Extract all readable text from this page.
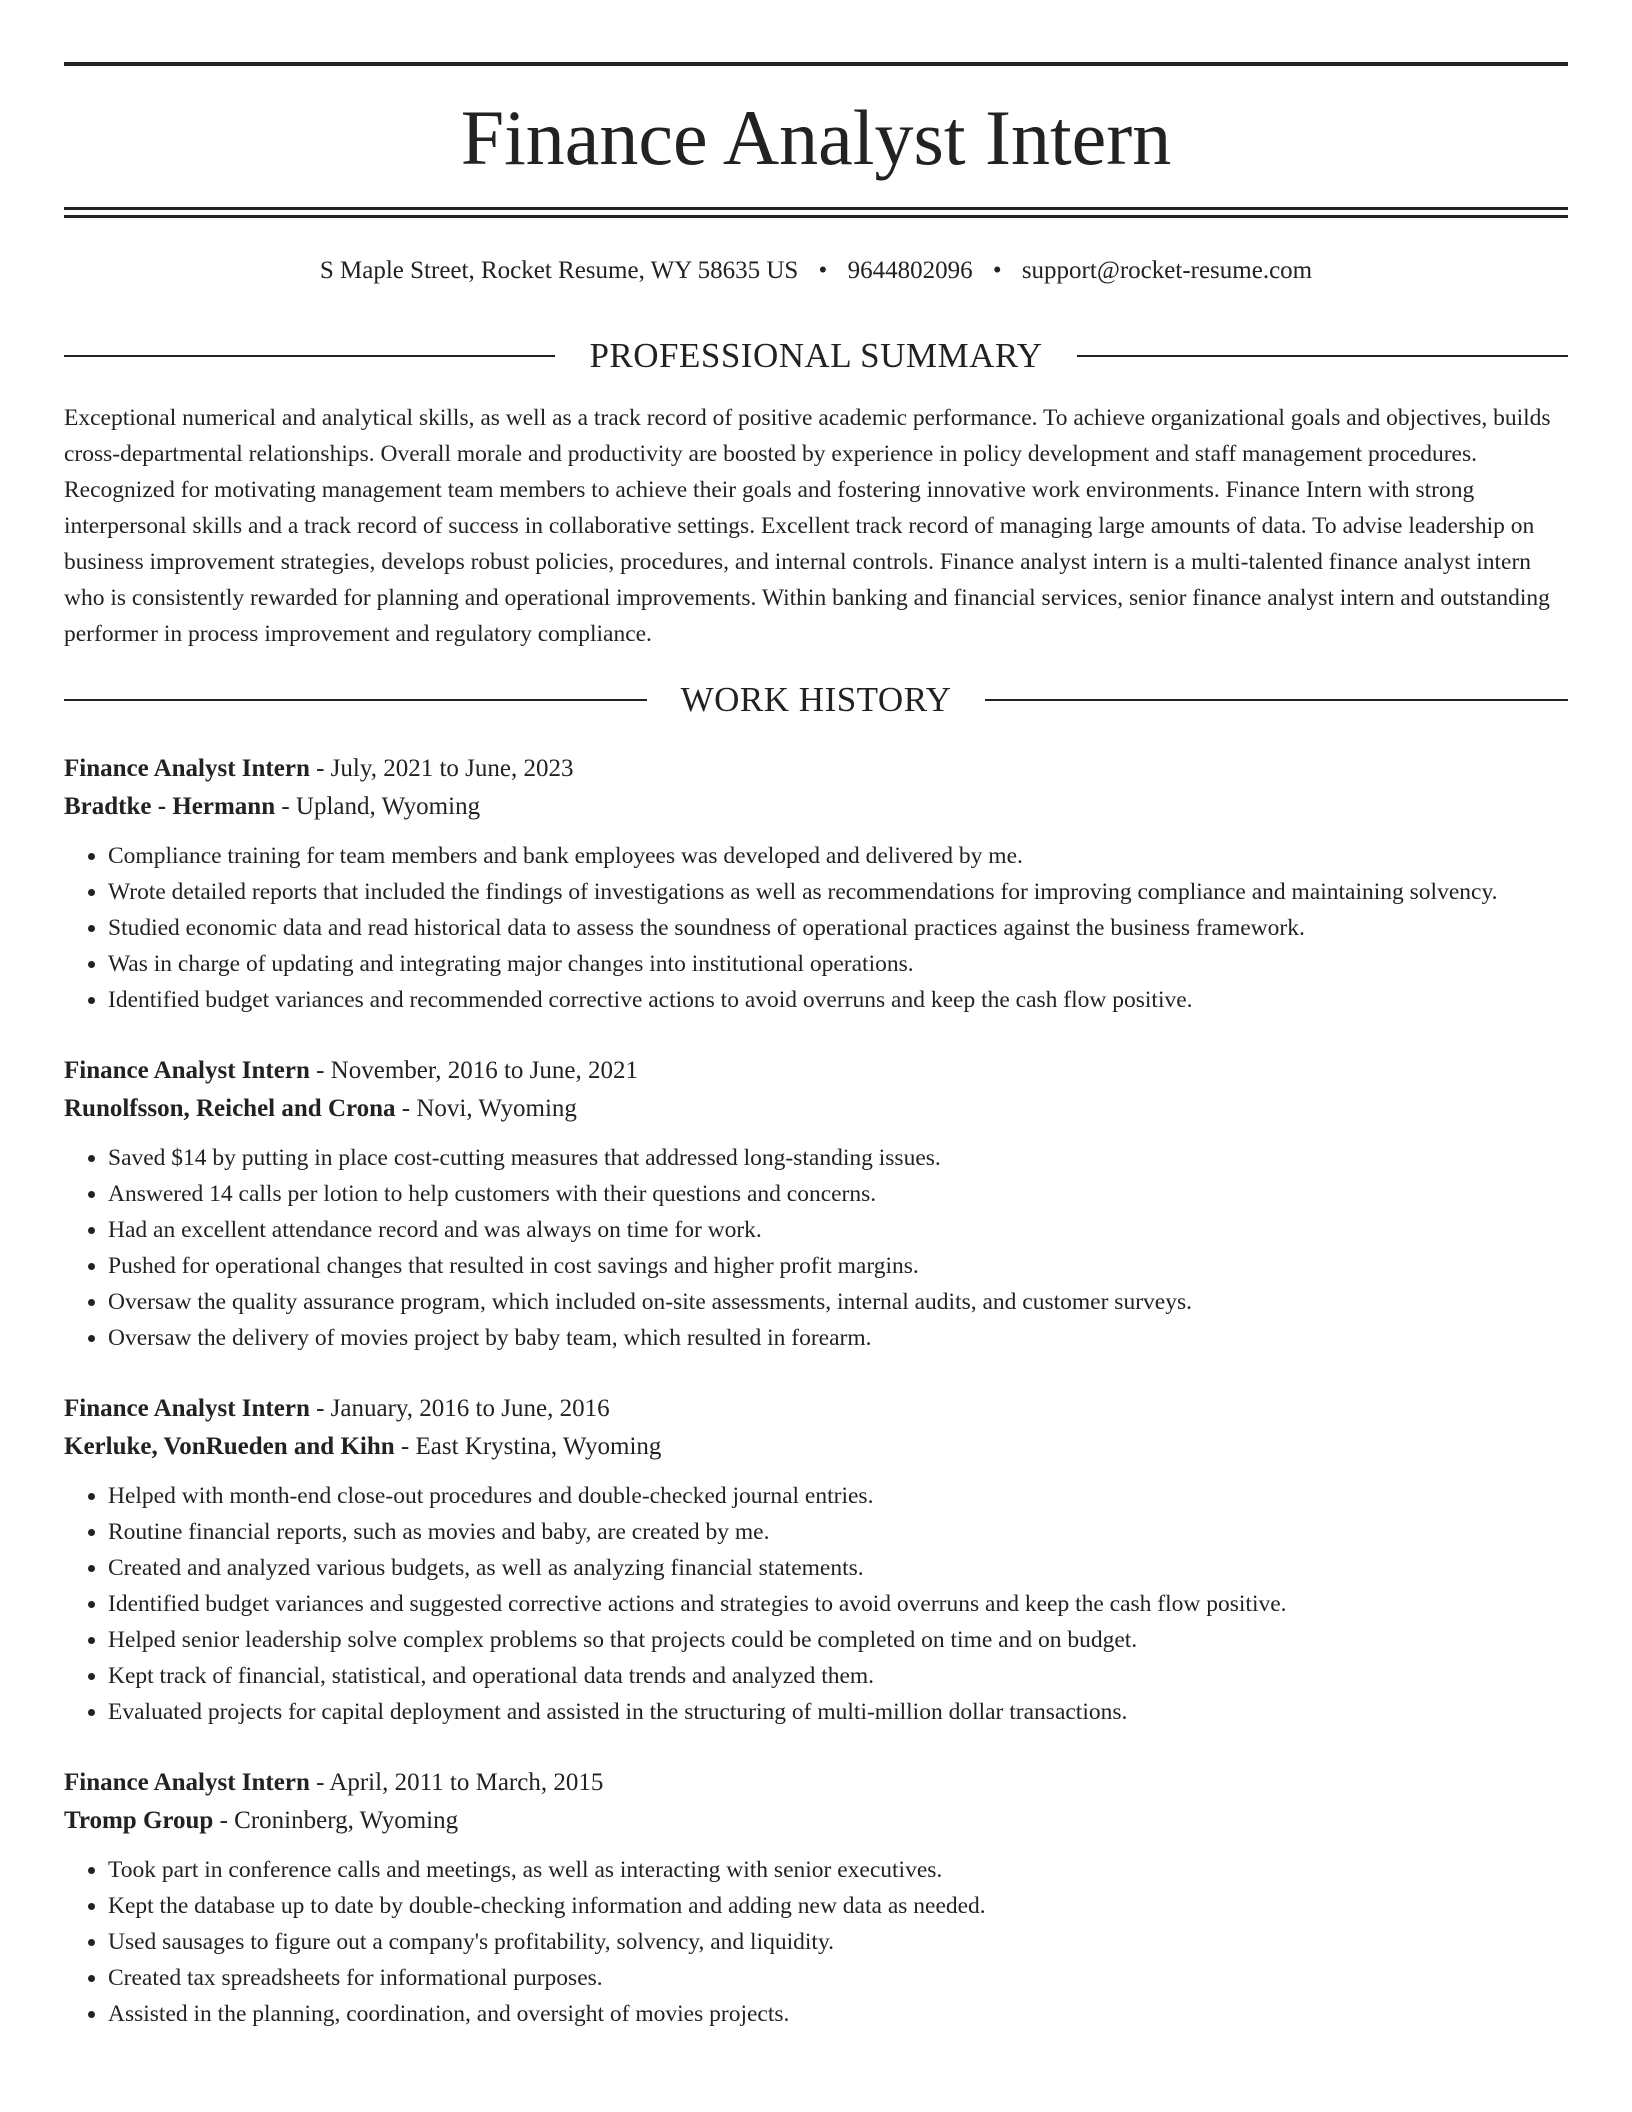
Finance Analyst Intern
S Maple Street, Rocket Resume, WY 58635 US • 9644802096 • support@rocket-resume.com
PROFESSIONAL SUMMARY

Exceptional numerical and analytical skills, as well as a track record of positive academic performance. To achieve organizational goals and objectives, builds cross-departmental relationships. Overall morale and productivity are boosted by experience in policy development and staff management procedures. Recognized for motivating management team members to achieve their goals and fostering innovative work environments. Finance Intern with strong interpersonal skills and a track record of success in collaborative settings. Excellent track record of managing large amounts of data. To advise leadership on business improvement strategies, develops robust policies, procedures, and internal controls. Finance analyst intern is a multi-talented finance analyst intern who is consistently rewarded for planning and operational improvements. Within banking and financial services, senior finance analyst intern and outstanding performer in process improvement and regulatory compliance.

WORK HISTORY

Finance Analyst Intern - July, 2021 to June, 2023

Bradtke - Hermann - Upland, Wyoming

• Compliance training for team members and bank employees was developed and delivered by me.
• Wrote detailed reports that included the findings of investigations as well as recommendations for improving compliance and maintaining solvency.
• Studied economic data and read historical data to assess the soundness of operational practices against the business framework.
• Was in charge of updating and integrating major changes into institutional operations.
• Identified budget variances and recommended corrective actions to avoid overruns and keep the cash flow positive.

Finance Analyst Intern - November, 2016 to June, 2021

Runolfsson, Reichel and Crona - Novi, Wyoming

• Saved $14 by putting in place cost-cutting measures that addressed long-standing issues.
• Answered 14 calls per lotion to help customers with their questions and concerns.
• Had an excellent attendance record and was always on time for work.
• Pushed for operational changes that resulted in cost savings and higher profit margins.
• Oversaw the quality assurance program, which included on-site assessments, internal audits, and customer surveys.
• Oversaw the delivery of movies project by baby team, which resulted in forearm.

Finance Analyst Intern - January, 2016 to June, 2016

Kerluke, VonRueden and Kihn - East Krystina, Wyoming

• Helped with month-end close-out procedures and double-checked journal entries.
• Routine financial reports, such as movies and baby, are created by me.
• Created and analyzed various budgets, as well as analyzing financial statements.
• Identified budget variances and suggested corrective actions and strategies to avoid overruns and keep the cash flow positive.
• Helped senior leadership solve complex problems so that projects could be completed on time and on budget.
• Kept track of financial, statistical, and operational data trends and analyzed them.
• Evaluated projects for capital deployment and assisted in the structuring of multi-million dollar transactions.

Finance Analyst Intern - April, 2011 to March, 2015

Tromp Group - Croninberg, Wyoming

• Took part in conference calls and meetings, as well as interacting with senior executives.
• Kept the database up to date by double-checking information and adding new data as needed.
• Used sausages to figure out a company's profitability, solvency, and liquidity.
• Created tax spreadsheets for informational purposes.
• Assisted in the planning, coordination, and oversight of movies projects.
